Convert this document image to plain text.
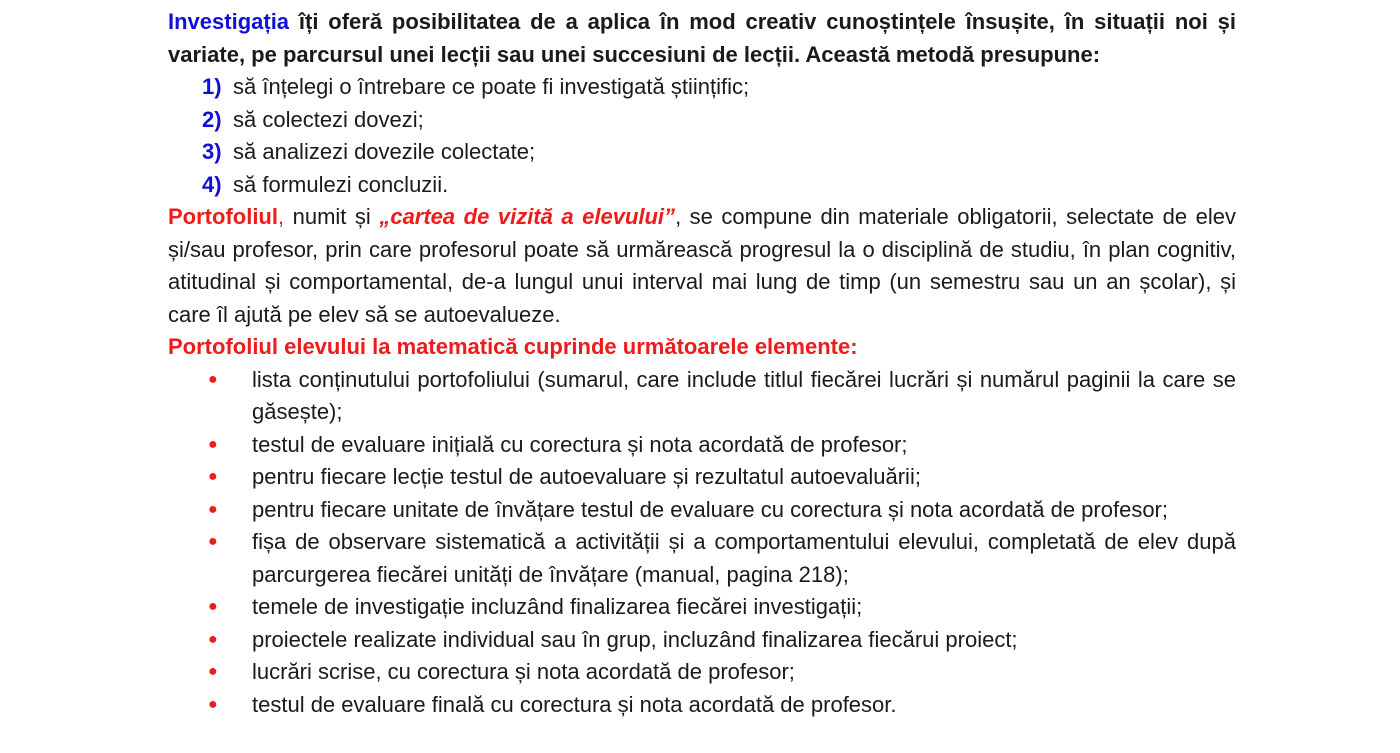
Investigația îți oferă posibilitatea de a aplica în mod creativ cunoștințele însușite, în situații noi și variate, pe parcursul unei lecții sau unei succesiuni de lecții. Această metodă presupune:

1) să înțelegi o întrebare ce poate fi investigată științific;
2) să colectezi dovezi;
3) să analizezi dovezile colectate;
4) să formulezi concluzii.

Portofoliul, numit și „cartea de vizită a elevului”, se compune din materiale obligatorii, selectate de elev și/sau profesor, prin care profesorul poate să urmărească progresul la o disciplină de studiu, în plan cognitiv, atitudinal și comportamental, de-a lungul unui interval mai lung de timp (un semestru sau un an școlar), și care îl ajută pe elev să se autoevalueze.

Portofoliul elevului la matematică cuprinde următoarele elemente:

●	lista conținutului portofoliului (sumarul, care include titlul fiecărei lucrări și numărul paginii la care se găsește);
●	testul de evaluare inițială cu corectura și nota acordată de profesor;
●	pentru fiecare lecție testul de autoevaluare și rezultatul autoevaluării;
●	pentru fiecare unitate de învățare testul de evaluare cu corectura și nota acordată de profesor;
●	fișa de observare sistematică a activității și a comportamentului elevului, completată de elev după parcurgerea fiecărei unități de învățare (manual, pagina 218);
●	temele de investigație incluzând finalizarea fiecărei investigații;
●	proiectele realizate individual sau în grup, incluzând finalizarea fiecărui proiect;
●	lucrări scrise, cu corectura și nota acordată de profesor;
●	testul de evaluare finală cu corectura și nota acordată de profesor.
